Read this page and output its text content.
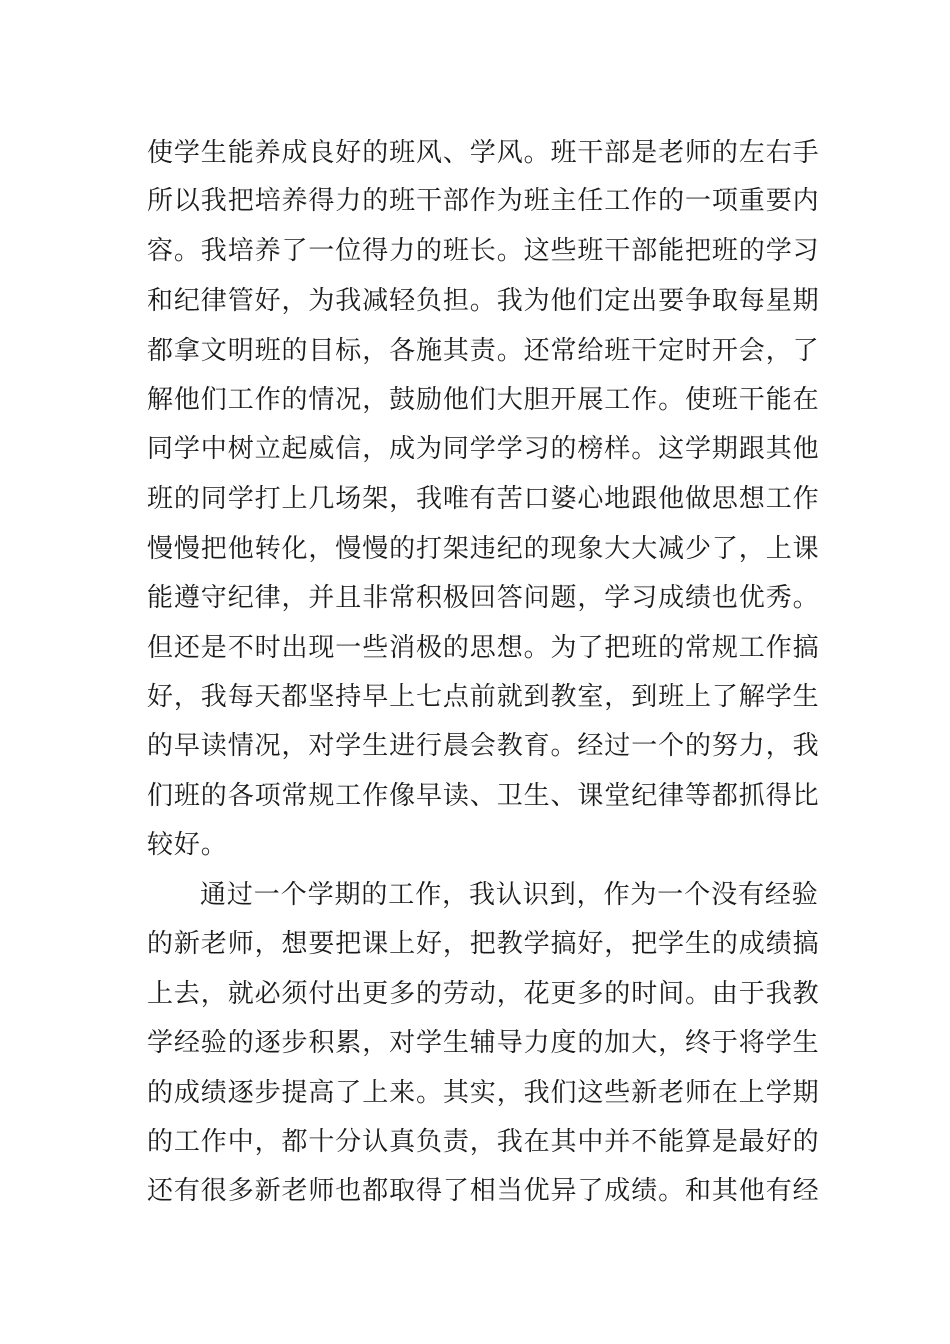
使学生能养成良好的班风、学风。班干部是老师的左右手
所以我把培养得力的班干部作为班主任工作的一项重要内
容。我培养了一位得力的班长。这些班干部能把班的学习
和纪律管好，为我减轻负担。我为他们定出要争取每星期
都拿文明班的目标，各施其责。还常给班干定时开会，了
解他们工作的情况，鼓励他们大胆开展工作。使班干能在
同学中树立起威信，成为同学学习的榜样。这学期跟其他
班的同学打上几场架，我唯有苦口婆心地跟他做思想工作
慢慢把他转化，慢慢的打架违纪的现象大大减少了，上课
能遵守纪律，并且非常积极回答问题，学习成绩也优秀。
但还是不时出现一些消极的思想。为了把班的常规工作搞
好，我每天都坚持早上七点前就到教室，到班上了解学生
的早读情况，对学生进行晨会教育。经过一个的努力，我
们班的各项常规工作像早读、卫生、课堂纪律等都抓得比
较好。
通过一个学期的工作，我认识到，作为一个没有经验
的新老师，想要把课上好，把教学搞好，把学生的成绩搞
上去，就必须付出更多的劳动，花更多的时间。由于我教
学经验的逐步积累，对学生辅导力度的加大，终于将学生
的成绩逐步提高了上来。其实，我们这些新老师在上学期
的工作中，都十分认真负责，我在其中并不能算是最好的
还有很多新老师也都取得了相当优异了成绩。和其他有经
